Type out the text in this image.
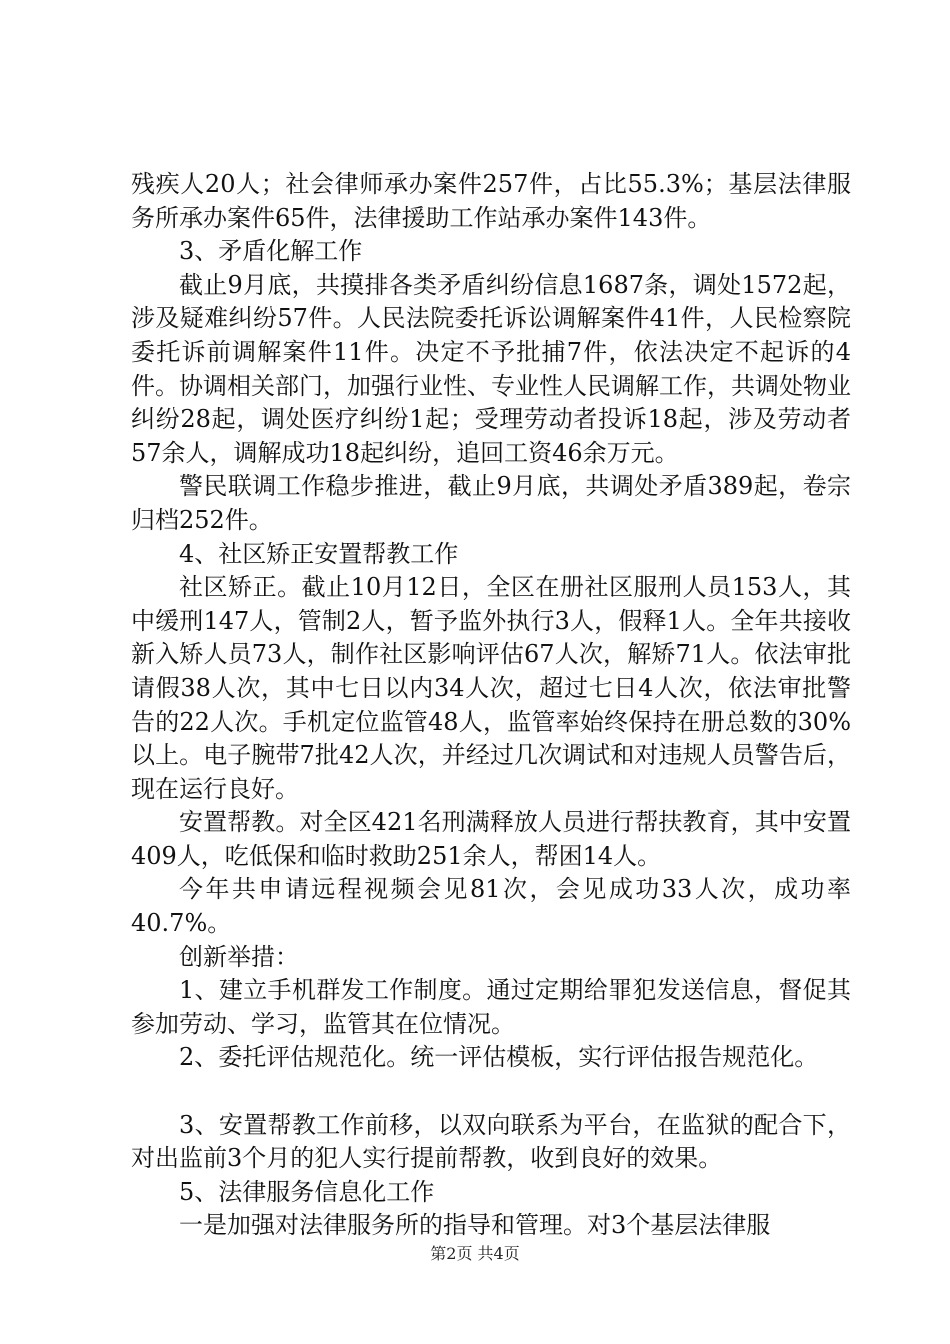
残疾人20人；社会律师承办案件257件，占比55.3%；基层法律服务所承办案件65件，法律援助工作站承办案件143件。

3、矛盾化解工作

截止9月底，共摸排各类矛盾纠纷信息1687条，调处1572起，涉及疑难纠纷57件。人民法院委托诉讼调解案件41件，人民检察院委托诉前调解案件11件。决定不予批捕7件，依法决定不起诉的4件。协调相关部门，加强行业性、专业性人民调解工作，共调处物业纠纷28起，调处医疗纠纷1起；受理劳动者投诉18起，涉及劳动者57余人，调解成功18起纠纷，追回工资46余万元。

警民联调工作稳步推进，截止9月底，共调处矛盾389起，卷宗归档252件。

4、社区矫正安置帮教工作

社区矫正。截止10月12日，全区在册社区服刑人员153人，其中缓刑147人，管制2人，暂予监外执行3人，假释1人。全年共接收新入矫人员73人，制作社区影响评估67人次，解矫71人。依法审批请假38人次，其中七日以内34人次，超过七日4人次，依法审批警告的22人次。手机定位监管48人，监管率始终保持在册总数的30%以上。电子腕带7批42人次，并经过几次调试和对违规人员警告后，现在运行良好。

安置帮教。对全区421名刑满释放人员进行帮扶教育，其中安置409人，吃低保和临时救助251余人，帮困14人。

今年共申请远程视频会见81次，会见成功33人次，成功率40.7%。

创新举措：

1、建立手机群发工作制度。通过定期给罪犯发送信息，督促其参加劳动、学习，监管其在位情况。

2、委托评估规范化。统一评估模板，实行评估报告规范化。

3、安置帮教工作前移，以双向联系为平台，在监狱的配合下，对出监前3个月的犯人实行提前帮教，收到良好的效果。

5、法律服务信息化工作

一是加强对法律服务所的指导和管理。对3个基层法律服

第2页 共4页
